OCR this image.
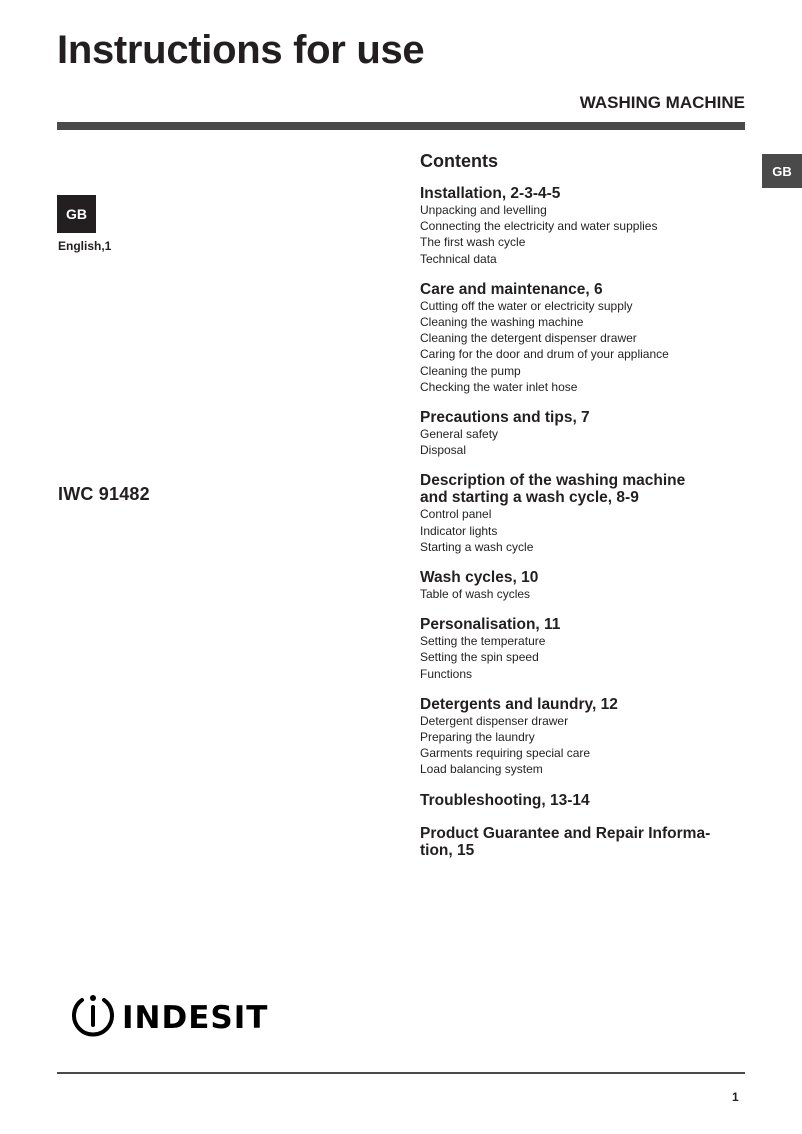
Instructions for use
WASHING MACHINE
GB
GB
English,1
IWC 91482
Contents
Installation, 2-3-4-5
Unpacking and levelling
Connecting the electricity and water supplies
The first wash cycle
Technical data
Care and maintenance, 6
Cutting off the water or electricity supply
Cleaning the washing machine
Cleaning the detergent dispenser drawer
Caring for the door and drum of your appliance
Cleaning the pump
Checking the water inlet hose
Precautions and tips, 7
General safety
Disposal
Description of the washing machine
and starting a wash cycle, 8-9
Control panel
Indicator lights
Starting a wash cycle
Wash cycles, 10
Table of wash cycles
Personalisation, 11
Setting the temperature
Setting the spin speed
Functions
Detergents and laundry, 12
Detergent dispenser drawer
Preparing the laundry
Garments requiring special care
Load balancing system
Troubleshooting, 13-14
Product Guarantee and Repair Informa-
tion, 15
INDESIT
1
